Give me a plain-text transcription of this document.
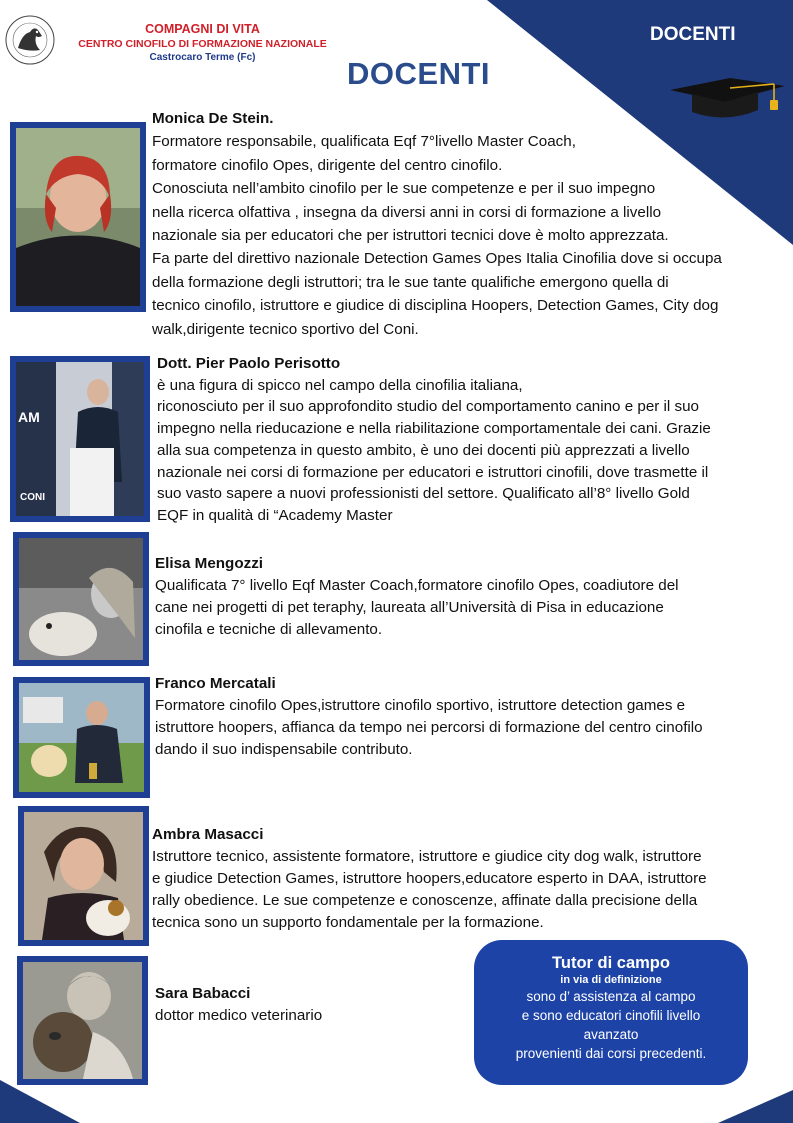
COMPAGNI DI VITA
CENTRO CINOFILO DI FORMAZIONE NAZIONALE
Castrocaro Terme (Fc)	DOCENTI
DOCENTI
AM
CONI
Monica De Stein.
Formatore responsabile, qualificata Eqf 7°livello Master Coach,
formatore cinofilo Opes, dirigente del centro cinofilo.
Conosciuta nell’ambito cinofilo per le sue competenze e per il suo impegno
nella ricerca olfattiva , insegna da diversi anni in corsi di formazione a livello
nazionale sia per educatori che per istruttori tecnici dove è molto apprezzata.
Fa parte del direttivo nazionale Detection Games Opes Italia Cinofilia dove si occupa
della formazione degli istruttori; tra le sue tante qualifiche emergono quella di
tecnico cinofilo, istruttore e giudice di disciplina Hoopers, Detection Games, City dog
walk,dirigente tecnico sportivo del Coni.
Dott. Pier Paolo Perisotto
è una figura di spicco nel campo della cinofilia italiana,
riconosciuto per il suo approfondito studio del comportamento canino e per il suo
impegno nella rieducazione e nella riabilitazione comportamentale dei cani. Grazie
alla sua competenza in questo ambito, è uno dei docenti più apprezzati a livello
nazionale nei corsi di formazione per educatori e istruttori cinofili, dove trasmette il
suo vasto sapere a nuovi professionisti del settore. Qualificato all’8° livello Gold
EQF in qualità di “Academy Master
Elisa Mengozzi
Qualificata 7° livello Eqf Master Coach,formatore cinofilo Opes, coadiutore del
cane nei progetti di pet teraphy, laureata all’Università di Pisa in educazione
cinofila e tecniche di allevamento.
Franco Mercatali
Formatore cinofilo Opes,istruttore cinofilo sportivo, istruttore detection games e
istruttore hoopers, affianca da tempo nei percorsi di formazione del centro cinofilo
dando il suo indispensabile contributo.
Ambra Masacci
Istruttore tecnico, assistente formatore, istruttore e giudice city dog walk, istruttore
e giudice Detection Games, istruttore hoopers,educatore esperto in DAA, istruttore
rally obedience. Le sue competenze e conoscenze, affinate dalla precisione della
tecnica sono un supporto fondamentale per la formazione.
Sara Babacci
dottor medico veterinario
Tutor di campo
in via di definizione
sono d’ assistenza al campo
e sono educatori cinofili livello
avanzato
provenienti dai corsi precedenti.
